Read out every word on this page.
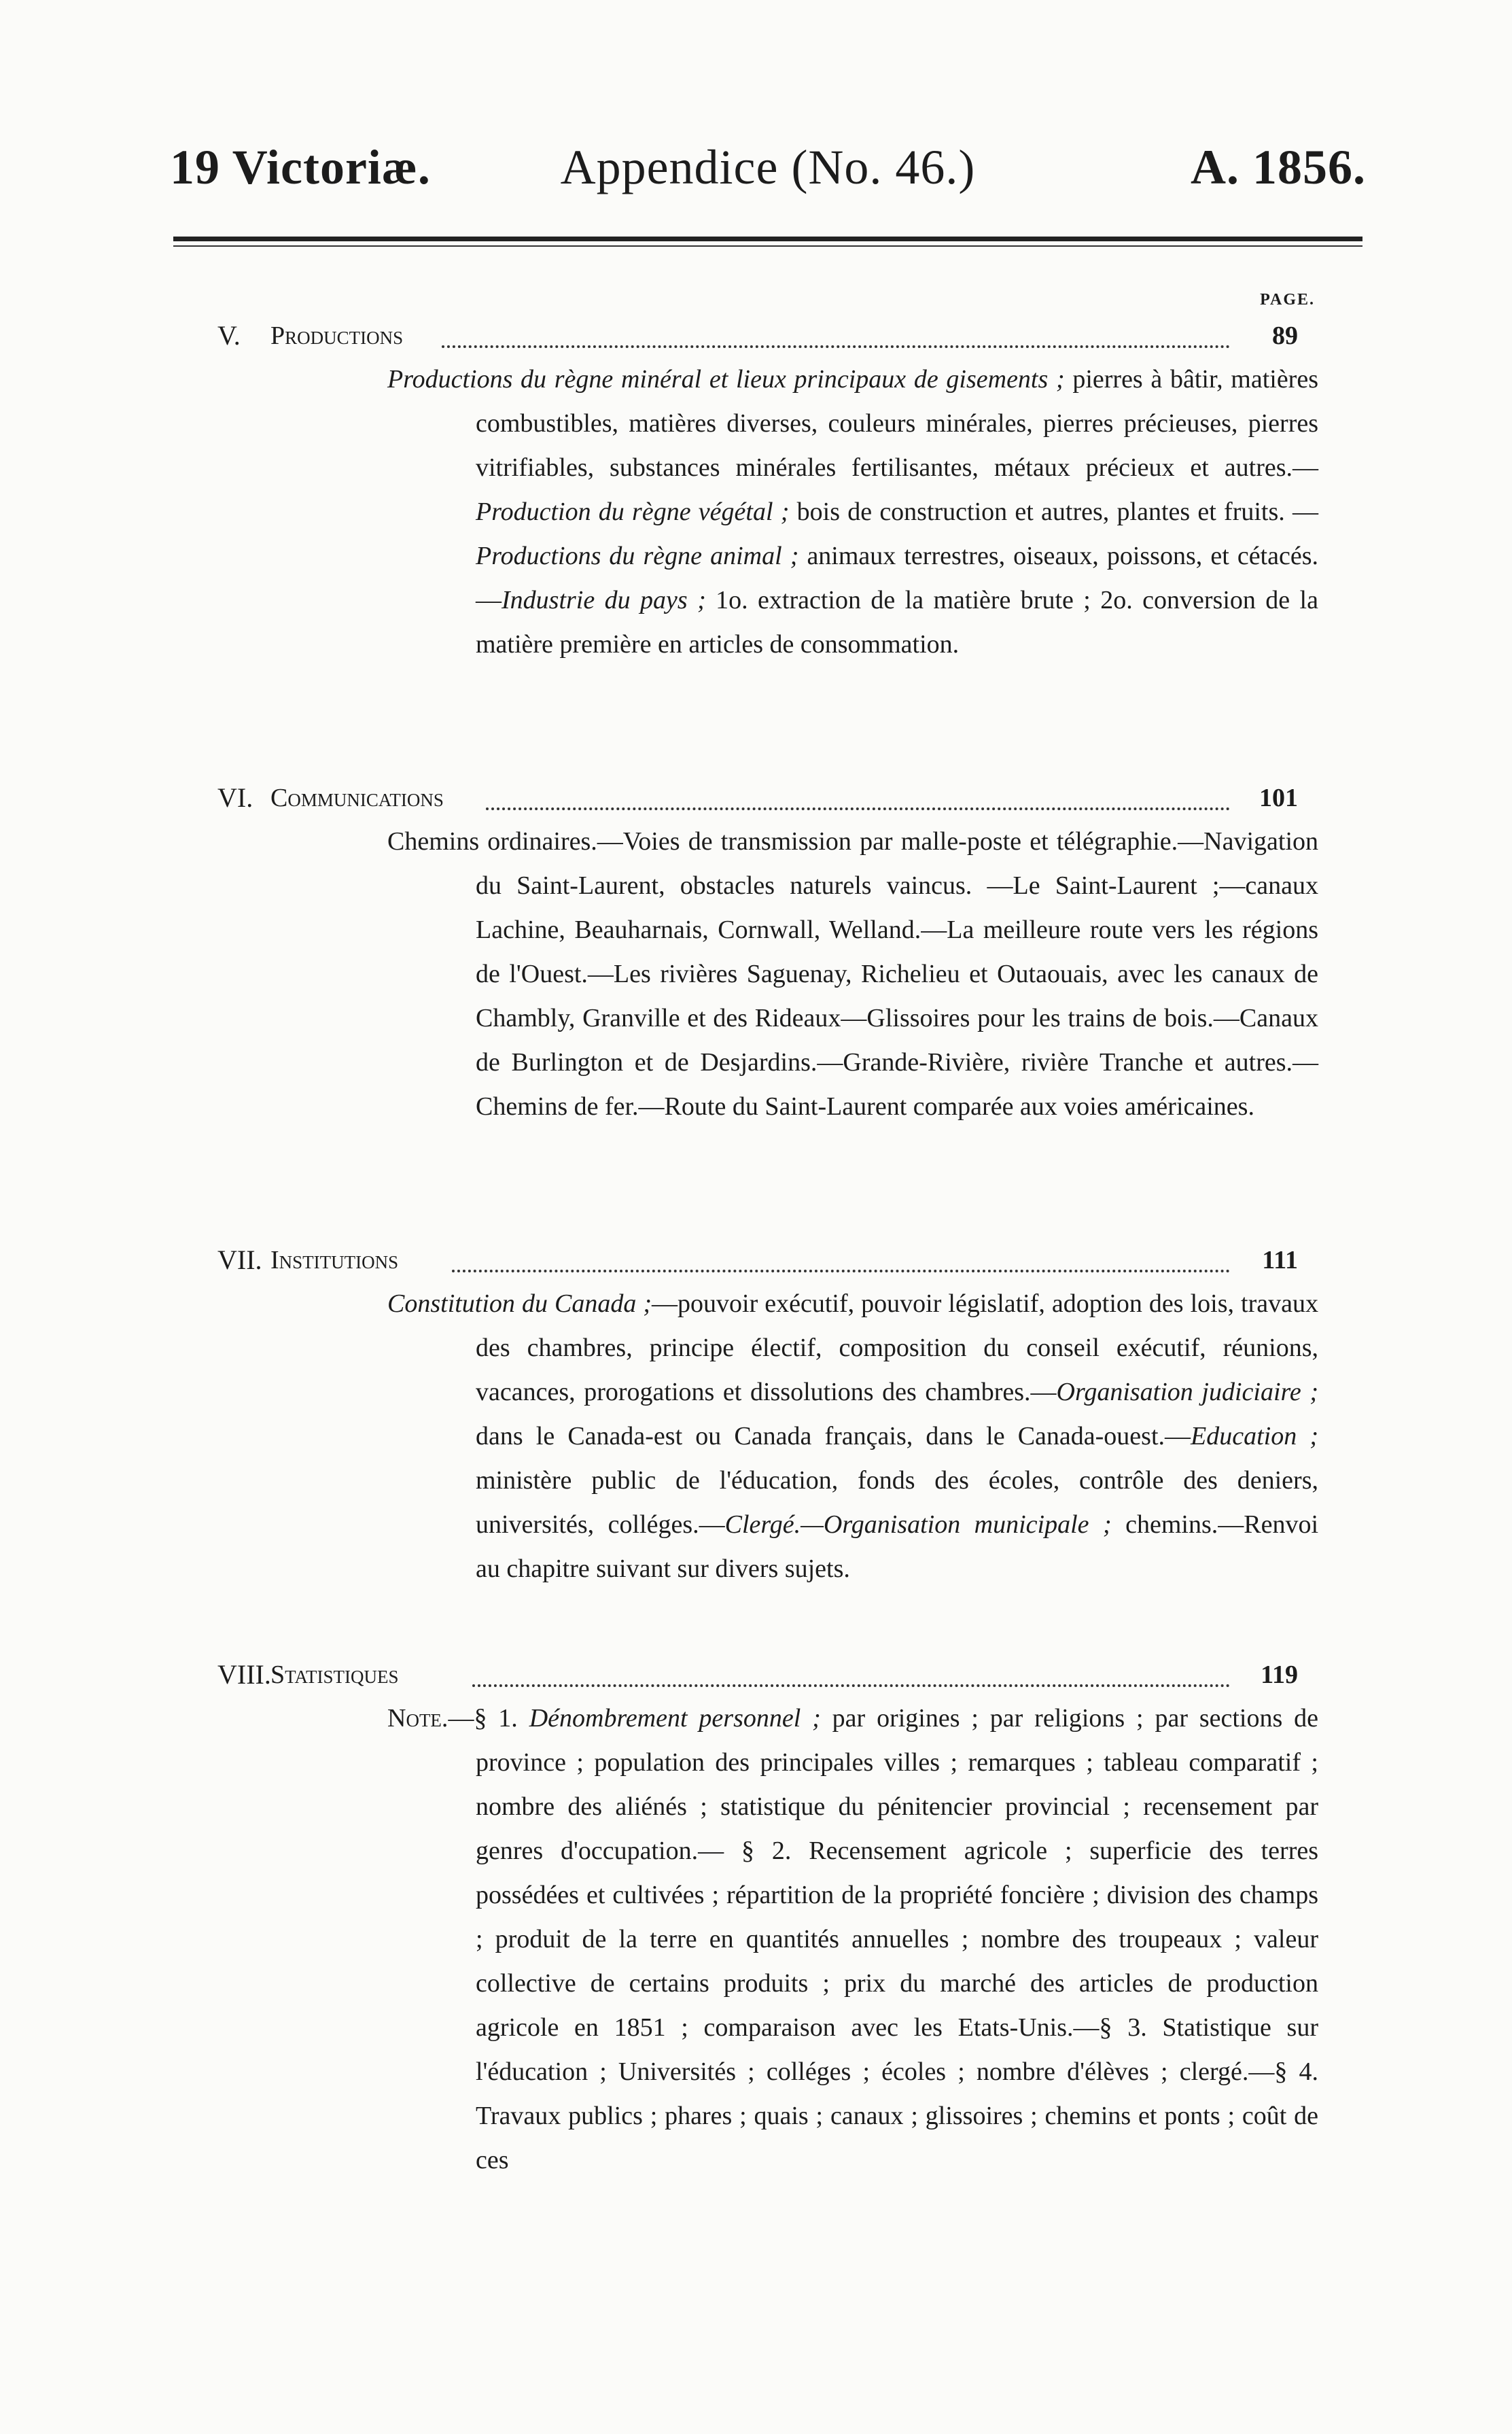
19 Victoriæ.	Appendice (No. 46.)	A. 1856.
PAGE.
V. Productions	89

Productions du règne minéral et lieux principaux de gisements ; pierres à bâtir, matières combustibles, matières diverses, couleurs minérales, pierres précieuses, pierres vitrifiables, substances minérales fertilisantes, métaux précieux et autres.—Production du règne végétal ; bois de construction et autres, plantes et fruits. —Productions du règne animal ; animaux terrestres, oiseaux, poissons, et cétacés.—Industrie du pays ; 1o. extraction de la matière brute ; 2o. conversion de la matière première en articles de consommation.

VI. Communications	101

Chemins ordinaires.—Voies de transmission par malle-poste et télégraphie.—Navigation du Saint-Laurent, obstacles naturels vaincus. —Le Saint-Laurent ;—canaux Lachine, Beauharnais, Cornwall, Welland.—La meilleure route vers les régions de l'Ouest.—Les rivières Saguenay, Richelieu et Outaouais, avec les canaux de Chambly, Granville et des Rideaux—Glissoires pour les trains de bois.—Canaux de Burlington et de Desjardins.—Grande-Rivière, rivière Tranche et autres.—Chemins de fer.—Route du Saint-Laurent comparée aux voies américaines.

VII. Institutions	111

Constitution du Canada ;—pouvoir exécutif, pouvoir législatif, adoption des lois, travaux des chambres, principe électif, composition du conseil exécutif, réunions, vacances, prorogations et dissolutions des chambres.—Organisation judiciaire ; dans le Canada-est ou Canada français, dans le Canada-ouest.—Education ; ministère public de l'éducation, fonds des écoles, contrôle des deniers, universités, colléges.—Clergé.—Organisation municipale ; chemins.—Renvoi au chapitre suivant sur divers sujets.

VIII. Statistiques	119

Note.—§ 1. Dénombrement personnel ; par origines ; par religions ; par sections de province ; population des principales villes ; remarques ; tableau comparatif ; nombre des aliénés ; statistique du pénitencier provincial ; recensement par genres d'occupation.— § 2. Recensement agricole ; superficie des terres possédées et cultivées ; répartition de la propriété foncière ; division des champs ; produit de la terre en quantités annuelles ; nombre des troupeaux ; valeur collective de certains produits ; prix du marché des articles de production agricole en 1851 ; comparaison avec les Etats-Unis.—§ 3. Statistique sur l'éducation ; Universités ; colléges ; écoles ; nombre d'élèves ; clergé.—§ 4. Travaux publics ; phares ; quais ; canaux ; glissoires ; chemins et ponts ; coût de ces
